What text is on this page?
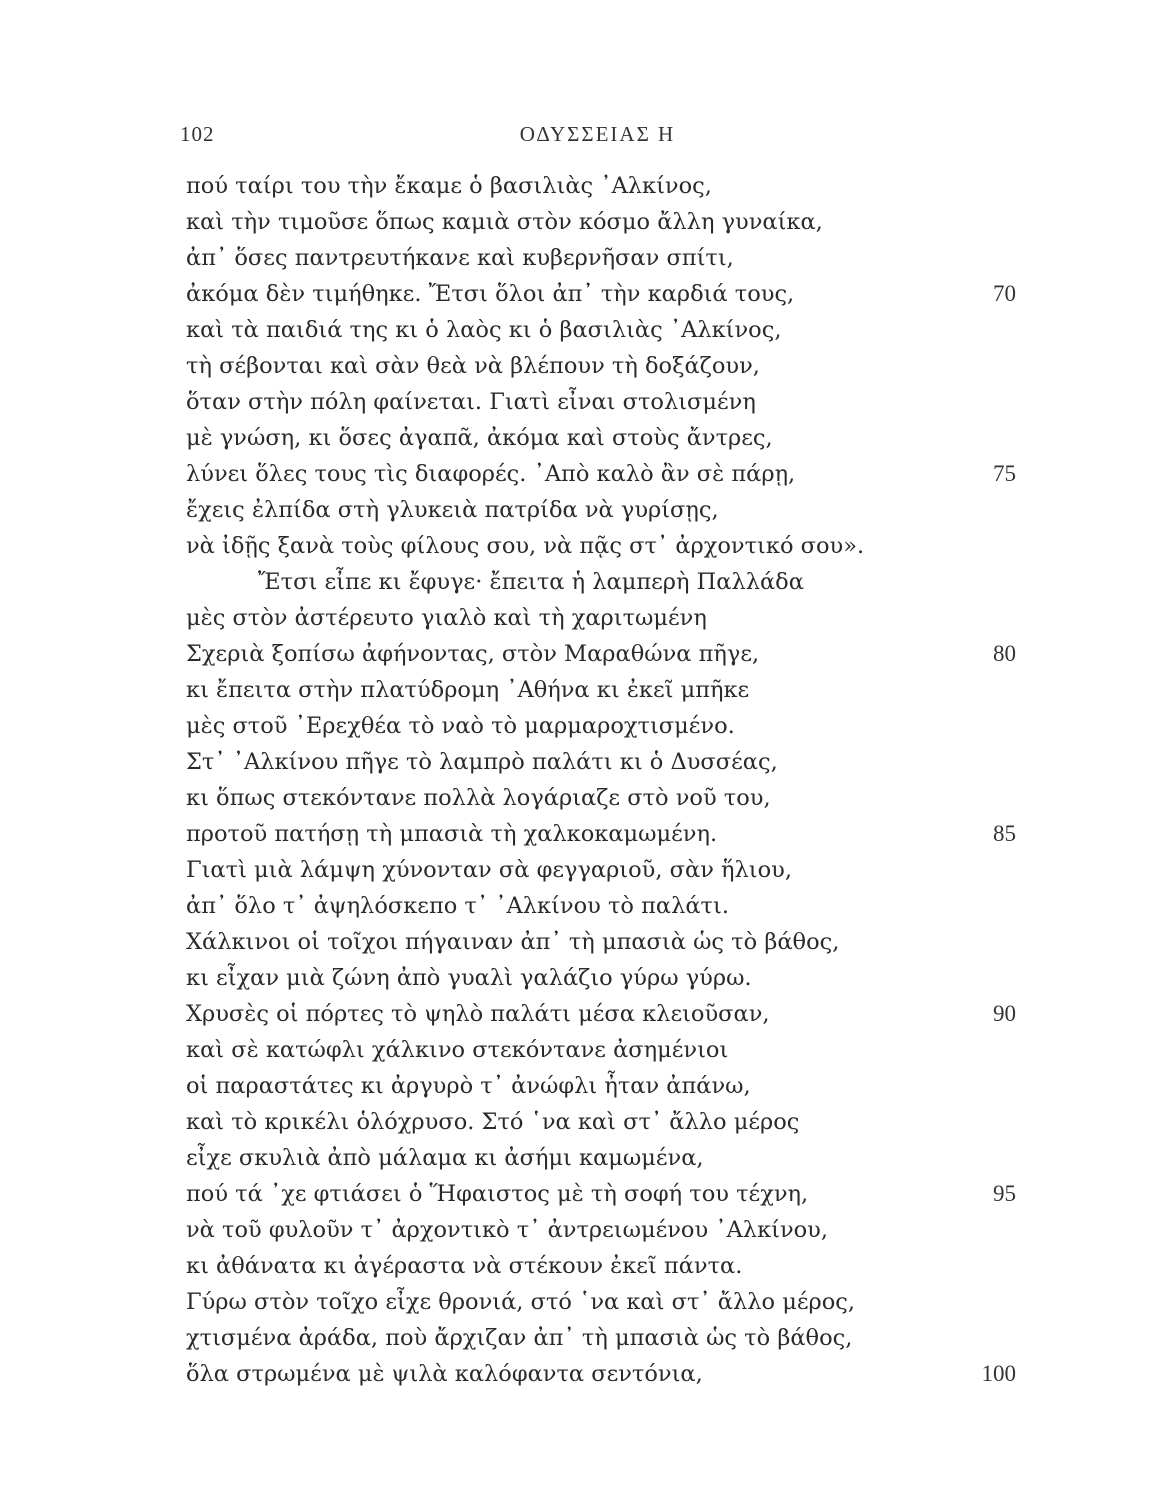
102	ΟΔΥΣΣΕΙΑΣ Η
πού ταίρι του τὴν ἔκαμε ὁ βασιλιὰς ᾿Αλκίνος,
καὶ τὴν τιμοῦσε ὅπως καμιὰ στὸν κόσμο ἄλλη γυναίκα,
ἀπ᾿ ὅσες παντρευτήκανε καὶ κυβερνῆσαν σπίτι,
ἀκόμα δὲν τιμήθηκε. Ἔτσι ὅλοι ἀπ᾿ τὴν καρδιά τους,	70
καὶ τὰ παιδιά της κι ὁ λαὸς κι ὁ βασιλιὰς ᾿Αλκίνος,
τὴ σέβονται καὶ σὰν θεὰ νὰ βλέπουν τὴ δοξάζουν,
ὅταν στὴν πόλη φαίνεται. Γιατὶ εἶναι στολισμένη
μὲ γνώση, κι ὅσες ἀγαπᾶ, ἀκόμα καὶ στοὺς ἄντρες,
λύνει ὅλες τους τὶς διαφορές. ᾿Απὸ καλὸ ἂν σὲ πάρῃ,	75
ἔχεις ἐλπίδα στὴ γλυκειὰ πατρίδα νὰ γυρίσῃς,
νὰ ἰδῇς ξανὰ τοὺς φίλους σου, νὰ πᾷς στ᾿ ἀρχοντικό σου».
Ἔτσι εἶπε κι ἔφυγε· ἔπειτα ἡ λαμπερὴ Παλλάδα
μὲς στὸν ἀστέρευτο γιαλὸ καὶ τὴ χαριτωμένη
Σχεριὰ ξοπίσω ἀφήνοντας, στὸν Μαραθώνα πῆγε,	80
κι ἔπειτα στὴν πλατύδρομη ᾿Αθήνα κι ἐκεῖ μπῆκε
μὲς στοῦ ᾿Ερεχθέα τὸ ναὸ τὸ μαρμαροχτισμένο.
Στ᾿ ᾿Αλκίνου πῆγε τὸ λαμπρὸ παλάτι κι ὁ Δυσσέας,
κι ὅπως στεκόντανε πολλὰ λογάριαζε στὸ νοῦ του,
προτοῦ πατήσῃ τὴ μπασιὰ τὴ χαλκοκαμωμένη.	85
Γιατὶ μιὰ λάμψη χύνονταν σὰ φεγγαριοῦ, σὰν ἥλιου,
ἀπ᾿ ὅλο τ᾿ ἀψηλόσκεπο τ᾿ ᾿Αλκίνου τὸ παλάτι.
Χάλκινοι οἱ τοῖχοι πήγαιναν ἀπ᾿ τὴ μπασιὰ ὡς τὸ βάθος,
κι εἶχαν μιὰ ζώνη ἀπὸ γυαλὶ γαλάζιο γύρω γύρω.
Χρυσὲς οἱ πόρτες τὸ ψηλὸ παλάτι μέσα κλειοῦσαν,	90
καὶ σὲ κατώφλι χάλκινο στεκόντανε ἀσημένιοι
οἱ παραστάτες κι ἀργυρὸ τ᾿ ἀνώφλι ἦταν ἀπάνω,
καὶ τὸ κρικέλι ὁλόχρυσο. Στό ῾να καὶ στ᾿ ἄλλο μέρος
εἶχε σκυλιὰ ἀπὸ μάλαμα κι ἀσήμι καμωμένα,
πού τά ᾿χε φτιάσει ὁ Ἥφαιστος μὲ τὴ σοφή του τέχνη,	95
νὰ τοῦ φυλοῦν τ᾿ ἀρχοντικὸ τ᾿ ἀντρειωμένου ᾿Αλκίνου,
κι ἀθάνατα κι ἀγέραστα νὰ στέκουν ἐκεῖ πάντα.
Γύρω στὸν τοῖχο εἶχε θρονιά, στό ῾να καὶ στ᾿ ἄλλο μέρος,
χτισμένα ἀράδα, ποὺ ἄρχιζαν ἀπ᾿ τὴ μπασιὰ ὡς τὸ βάθος,
ὅλα στρωμένα μὲ ψιλὰ καλόφαντα σεντόνια,	100
